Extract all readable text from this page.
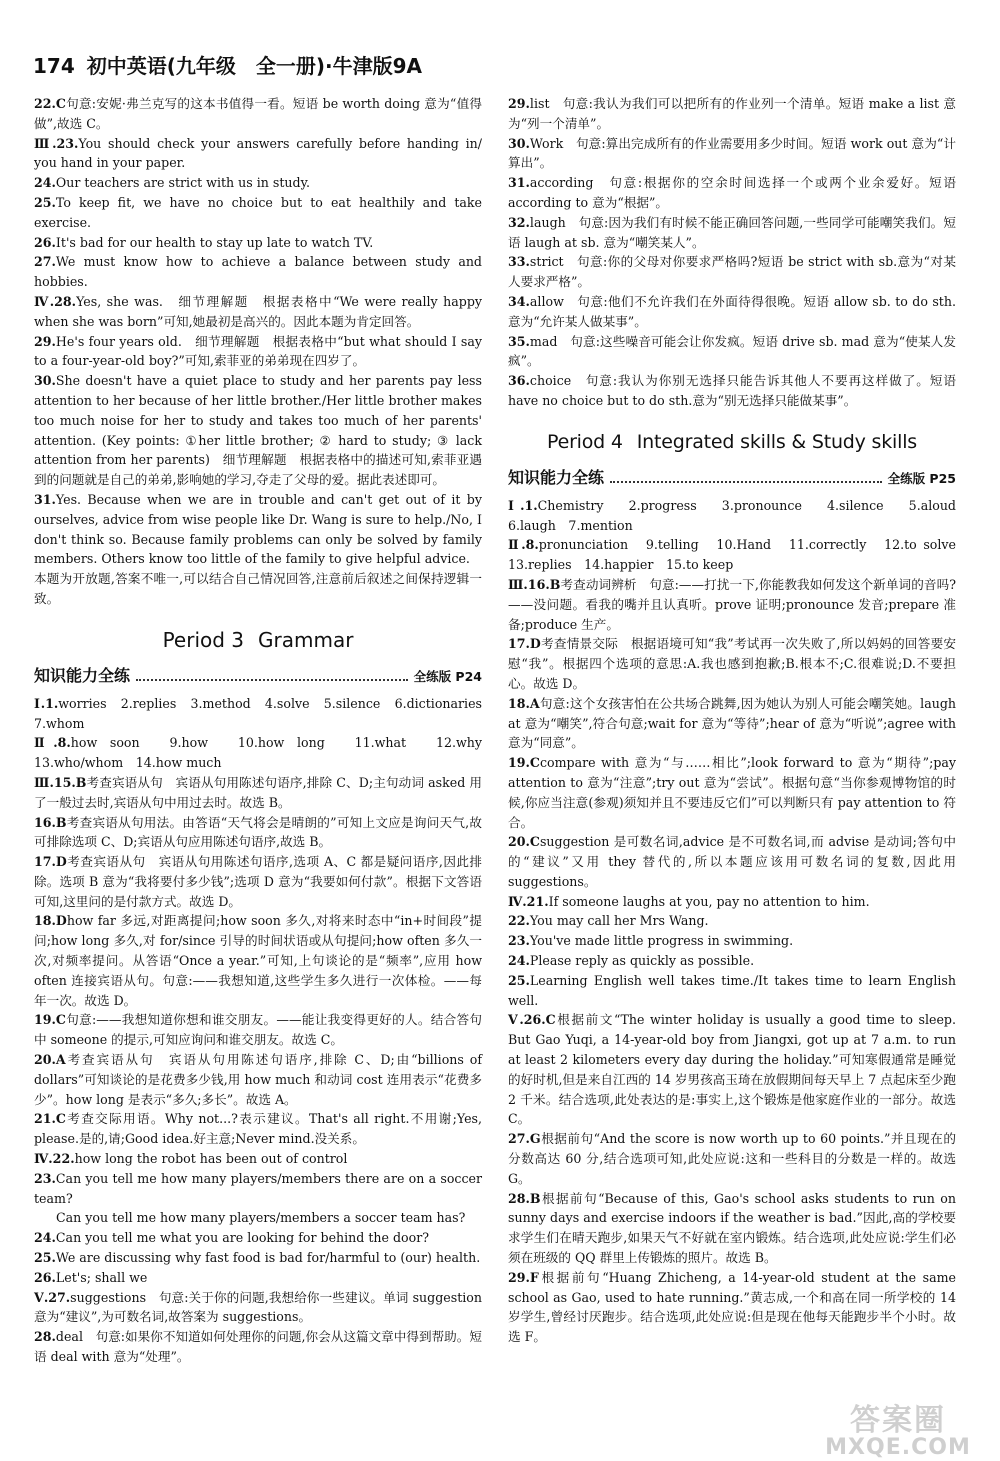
174 初中英语(九年级　全一册)·牛津版9A

22.C句意:安妮·弗兰克写的这本书值得一看。短语 be worth doing 意为“值得做”,故选 C。

Ⅲ.23.You should check your answers carefully before handing in/ you hand in your paper.

24.Our teachers are strict with us in study.

25.To keep fit, we have no choice but to eat healthily and take exercise.

26.It's bad for our health to stay up late to watch TV.

27.We must know how to achieve a balance between study and hobbies.

Ⅳ.28.Yes, she was.　细节理解题　根据表格中“We were really happy when she was born”可知,她最初是高兴的。因此本题为肯定回答。

29.He's four years old.　细节理解题　根据表格中“but what should I say to a four-year-old boy?”可知,索菲亚的弟弟现在四岁了。

30.She doesn't have a quiet place to study and her parents pay less attention to her because of her little brother./Her little brother makes too much noise for her to study and takes too much of her parents' attention. (Key points: ①her little brother; ② hard to study; ③ lack attention from her parents)　细节理解题　根据表格中的描述可知,索菲亚遇到的问题就是自己的弟弟,影响她的学习,夺走了父母的爱。据此表述即可。

31.Yes. Because when we are in trouble and can't get out of it by ourselves, advice from wise people like Dr. Wang is sure to help./No, I don't think so. Because family problems can only be solved by family members. Others know too little of the family to give helpful advice.

本题为开放题,答案不唯一,可以结合自己情况回答,注意前后叙述之间保持逻辑一致。

Period 3 Grammar
知识能力全练	全练版 P24

Ⅰ.1.worries　2.replies　3.method　4.solve　5.silence　6.dictionaries　7.whom

Ⅱ.8.how soon　9.how　10.how long　11.what　12.why　13.who/whom　14.how much

Ⅲ.15.B考查宾语从句　宾语从句用陈述句语序,排除 C、D;主句动词 asked 用了一般过去时,宾语从句中用过去时。故选 B。

16.B考查宾语从句用法。由答语“天气将会是晴朗的”可知上文应是询问天气,故可排除选项 C、D;宾语从句应用陈述句语序,故选 B。

17.D考查宾语从句　宾语从句用陈述句语序,选项 A、C 都是疑问语序,因此排除。选项 B 意为“我将要付多少钱”;选项 D 意为“我要如何付款”。根据下文答语可知,这里问的是付款方式。故选 D。

18.Dhow far 多远,对距离提问;how soon 多久,对将来时态中“in+时间段”提问;how long 多久,对 for/since 引导的时间状语或从句提问;how often 多久一次,对频率提问。从答语“Once a year.”可知,上句谈论的是“频率”,应用 how often 连接宾语从句。句意:——我想知道,这些学生多久进行一次体检。——每年一次。故选 D。

19.C句意:——我想知道你想和谁交朋友。——能让我变得更好的人。结合答句中 someone 的提示,可知应询问和谁交朋友。故选 C。

20.A考查宾语从句　宾语从句用陈述句语序,排除 C、D;由“billions of dollars”可知谈论的是花费多少钱,用 how much 和动词 cost 连用表示“花费多少”。how long 是表示“多久;多长”。故选 A。

21.C考查交际用语。Why not...?表示建议。That's all right.不用谢;Yes, please.是的,请;Good idea.好主意;Never mind.没关系。

Ⅳ.22.how long the robot has been out of control

23.Can you tell me how many players/members there are on a soccer team?

Can you tell me how many players/members a soccer team has?

24.Can you tell me what you are looking for behind the door?

25.We are discussing why fast food is bad for/harmful to (our) health.

26.Let's; shall we

Ⅴ.27.suggestions　句意:关于你的问题,我想给你一些建议。单词 suggestion 意为“建议”,为可数名词,故答案为 suggestions。

28.deal　句意:如果你不知道如何处理你的问题,你会从这篇文章中得到帮助。短语 deal with 意为“处理”。

29.list　句意:我认为我们可以把所有的作业列一个清单。短语 make a list 意为“列一个清单”。

30.Work　句意:算出完成所有的作业需要用多少时间。短语 work out 意为“计算出”。

31.according　句意:根据你的空余时间选择一个或两个业余爱好。短语 according to 意为“根据”。

32.laugh　句意:因为我们有时候不能正确回答问题,一些同学可能嘲笑我们。短语 laugh at sb. 意为“嘲笑某人”。

33.strict　句意:你的父母对你要求严格吗?短语 be strict with sb.意为“对某人要求严格”。

34.allow　句意:他们不允许我们在外面待得很晚。短语 allow sb. to do sth.意为“允许某人做某事”。

35.mad　句意:这些噪音可能会让你发疯。短语 drive sb. mad 意为“使某人发疯”。

36.choice　句意:我认为你别无选择只能告诉其他人不要再这样做了。短语 have no choice but to do sth.意为“别无选择只能做某事”。

Period 4 Integrated skills & Study skills
知识能力全练	全练版 P25

Ⅰ.1.Chemistry　2.progress　3.pronounce　4.silence　5.aloud　6.laugh　7.mention

Ⅱ.8.pronunciation　9.telling　10.Hand　11.correctly　12.to solve　13.replies　14.happier　15.to keep

Ⅲ.16.B考查动词辨析　句意:——打扰一下,你能教我如何发这个新单词的音吗?——没问题。看我的嘴并且认真听。prove 证明;pronounce 发音;prepare 准备;produce 生产。

17.D考查情景交际　根据语境可知“我”考试再一次失败了,所以妈妈的回答要安慰“我”。根据四个选项的意思:A.我也感到抱歉;B.根本不;C.很难说;D.不要担心。故选 D。

18.A句意:这个女孩害怕在公共场合跳舞,因为她认为别人可能会嘲笑她。laugh at 意为“嘲笑”,符合句意;wait for 意为“等待”;hear of 意为“听说”;agree with 意为“同意”。

19.Ccompare with 意为“与……相比”;look forward to 意为“期待”;pay attention to 意为“注意”;try out 意为“尝试”。根据句意“当你参观博物馆的时候,你应当注意(参观)须知并且不要违反它们”可以判断只有 pay attention to 符合。

20.Csuggestion 是可数名词,advice 是不可数名词,而 advise 是动词;答句中的“建议”又用 they 替代的,所以本题应该用可数名词的复数,因此用 suggestions。

Ⅳ.21.If someone laughs at you, pay no attention to him.

22.You may call her Mrs Wang.

23.You've made little progress in swimming.

24.Please reply as quickly as possible.

25.Learning English well takes time./It takes time to learn English well.

Ⅴ.26.C根据前文“The winter holiday is usually a good time to sleep. But Gao Yuqi, a 14-year-old boy from Jiangxi, got up at 7 a.m. to run at least 2 kilometers every day during the holiday.”可知寒假通常是睡觉的好时机,但是来自江西的 14 岁男孩高玉琦在放假期间每天早上 7 点起床至少跑 2 千米。结合选项,此处表达的是:事实上,这个锻炼是他家庭作业的一部分。故选 C。

27.G根据前句“And the score is now worth up to 60 points.”并且现在的分数高达 60 分,结合选项可知,此处应说:这和一些科目的分数是一样的。故选 G。

28.B根据前句“Because of this, Gao's school asks students to run on sunny days and exercise indoors if the weather is bad.”因此,高的学校要求学生们在晴天跑步,如果天气不好就在室内锻炼。结合选项,此处应说:学生们必须在班级的 QQ 群里上传锻炼的照片。故选 B。

29.F根据前句“Huang Zhicheng, a 14-year-old student at the same school as Gao, used to hate running.”黄志成,一个和高在同一所学校的 14 岁学生,曾经讨厌跑步。结合选项,此处应说:但是现在他每天能跑步半个小时。故选 F。

答案圈
MXQE.COM
